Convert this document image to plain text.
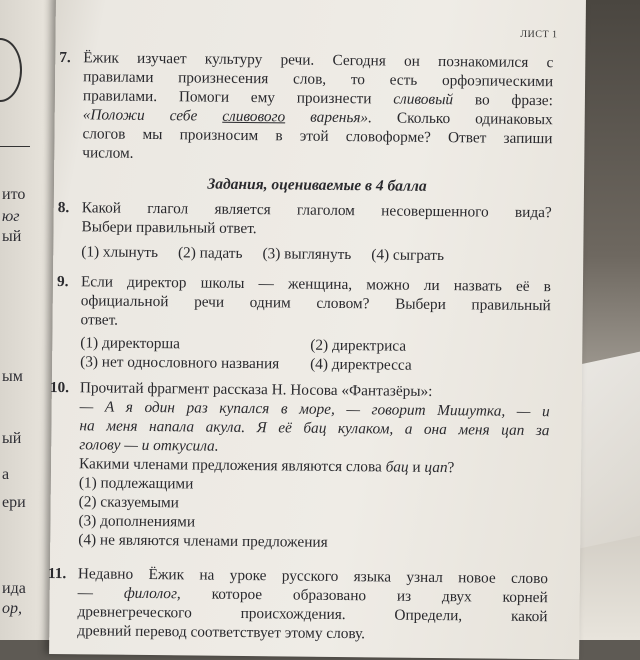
ито
юг
ый
ым
ый
а
ери
ида
ор,
ЛИСТ 1
7. Ёжик изучает культуру речи. Сегодня он познакомился с
правилами произнесения слов, то есть орфоэпическими
правилами. Помоги ему произнести сливовый во фразе:
«Положи себе сливового варенья». Сколько одинаковых
слогов мы произносим в этой словоформе? Ответ запиши
числом.
Задания, оцениваемые в 4 балла
8. Какой глагол является глаголом несовершенного вида?
Выбери правильный ответ.
(1) хлынуть (2) падать (3) выглянуть (4) сыграть
9. Если директор школы — женщина, можно ли назвать её в
официальной речи одним словом? Выбери правильный
ответ.
(1) директорша	(2) директриса
(3) нет однословного названия	(4) директресса
10. Прочитай фрагмент рассказа Н. Носова «Фантазёры»:
— А я один раз купался в море, — говорит Мишутка, — и
на меня напала акула. Я её бац кулаком, а она меня цап за
голову — и откусила.
Какими членами предложения являются слова бац и цап?
(1) подлежащими
(2) сказуемыми
(3) дополнениями
(4) не являются членами предложения
11. Недавно Ёжик на уроке русского языка узнал новое слово
— филолог, которое образовано из двух корней
древнегреческого происхождения. Определи, какой
древний перевод соответствует этому слову.
